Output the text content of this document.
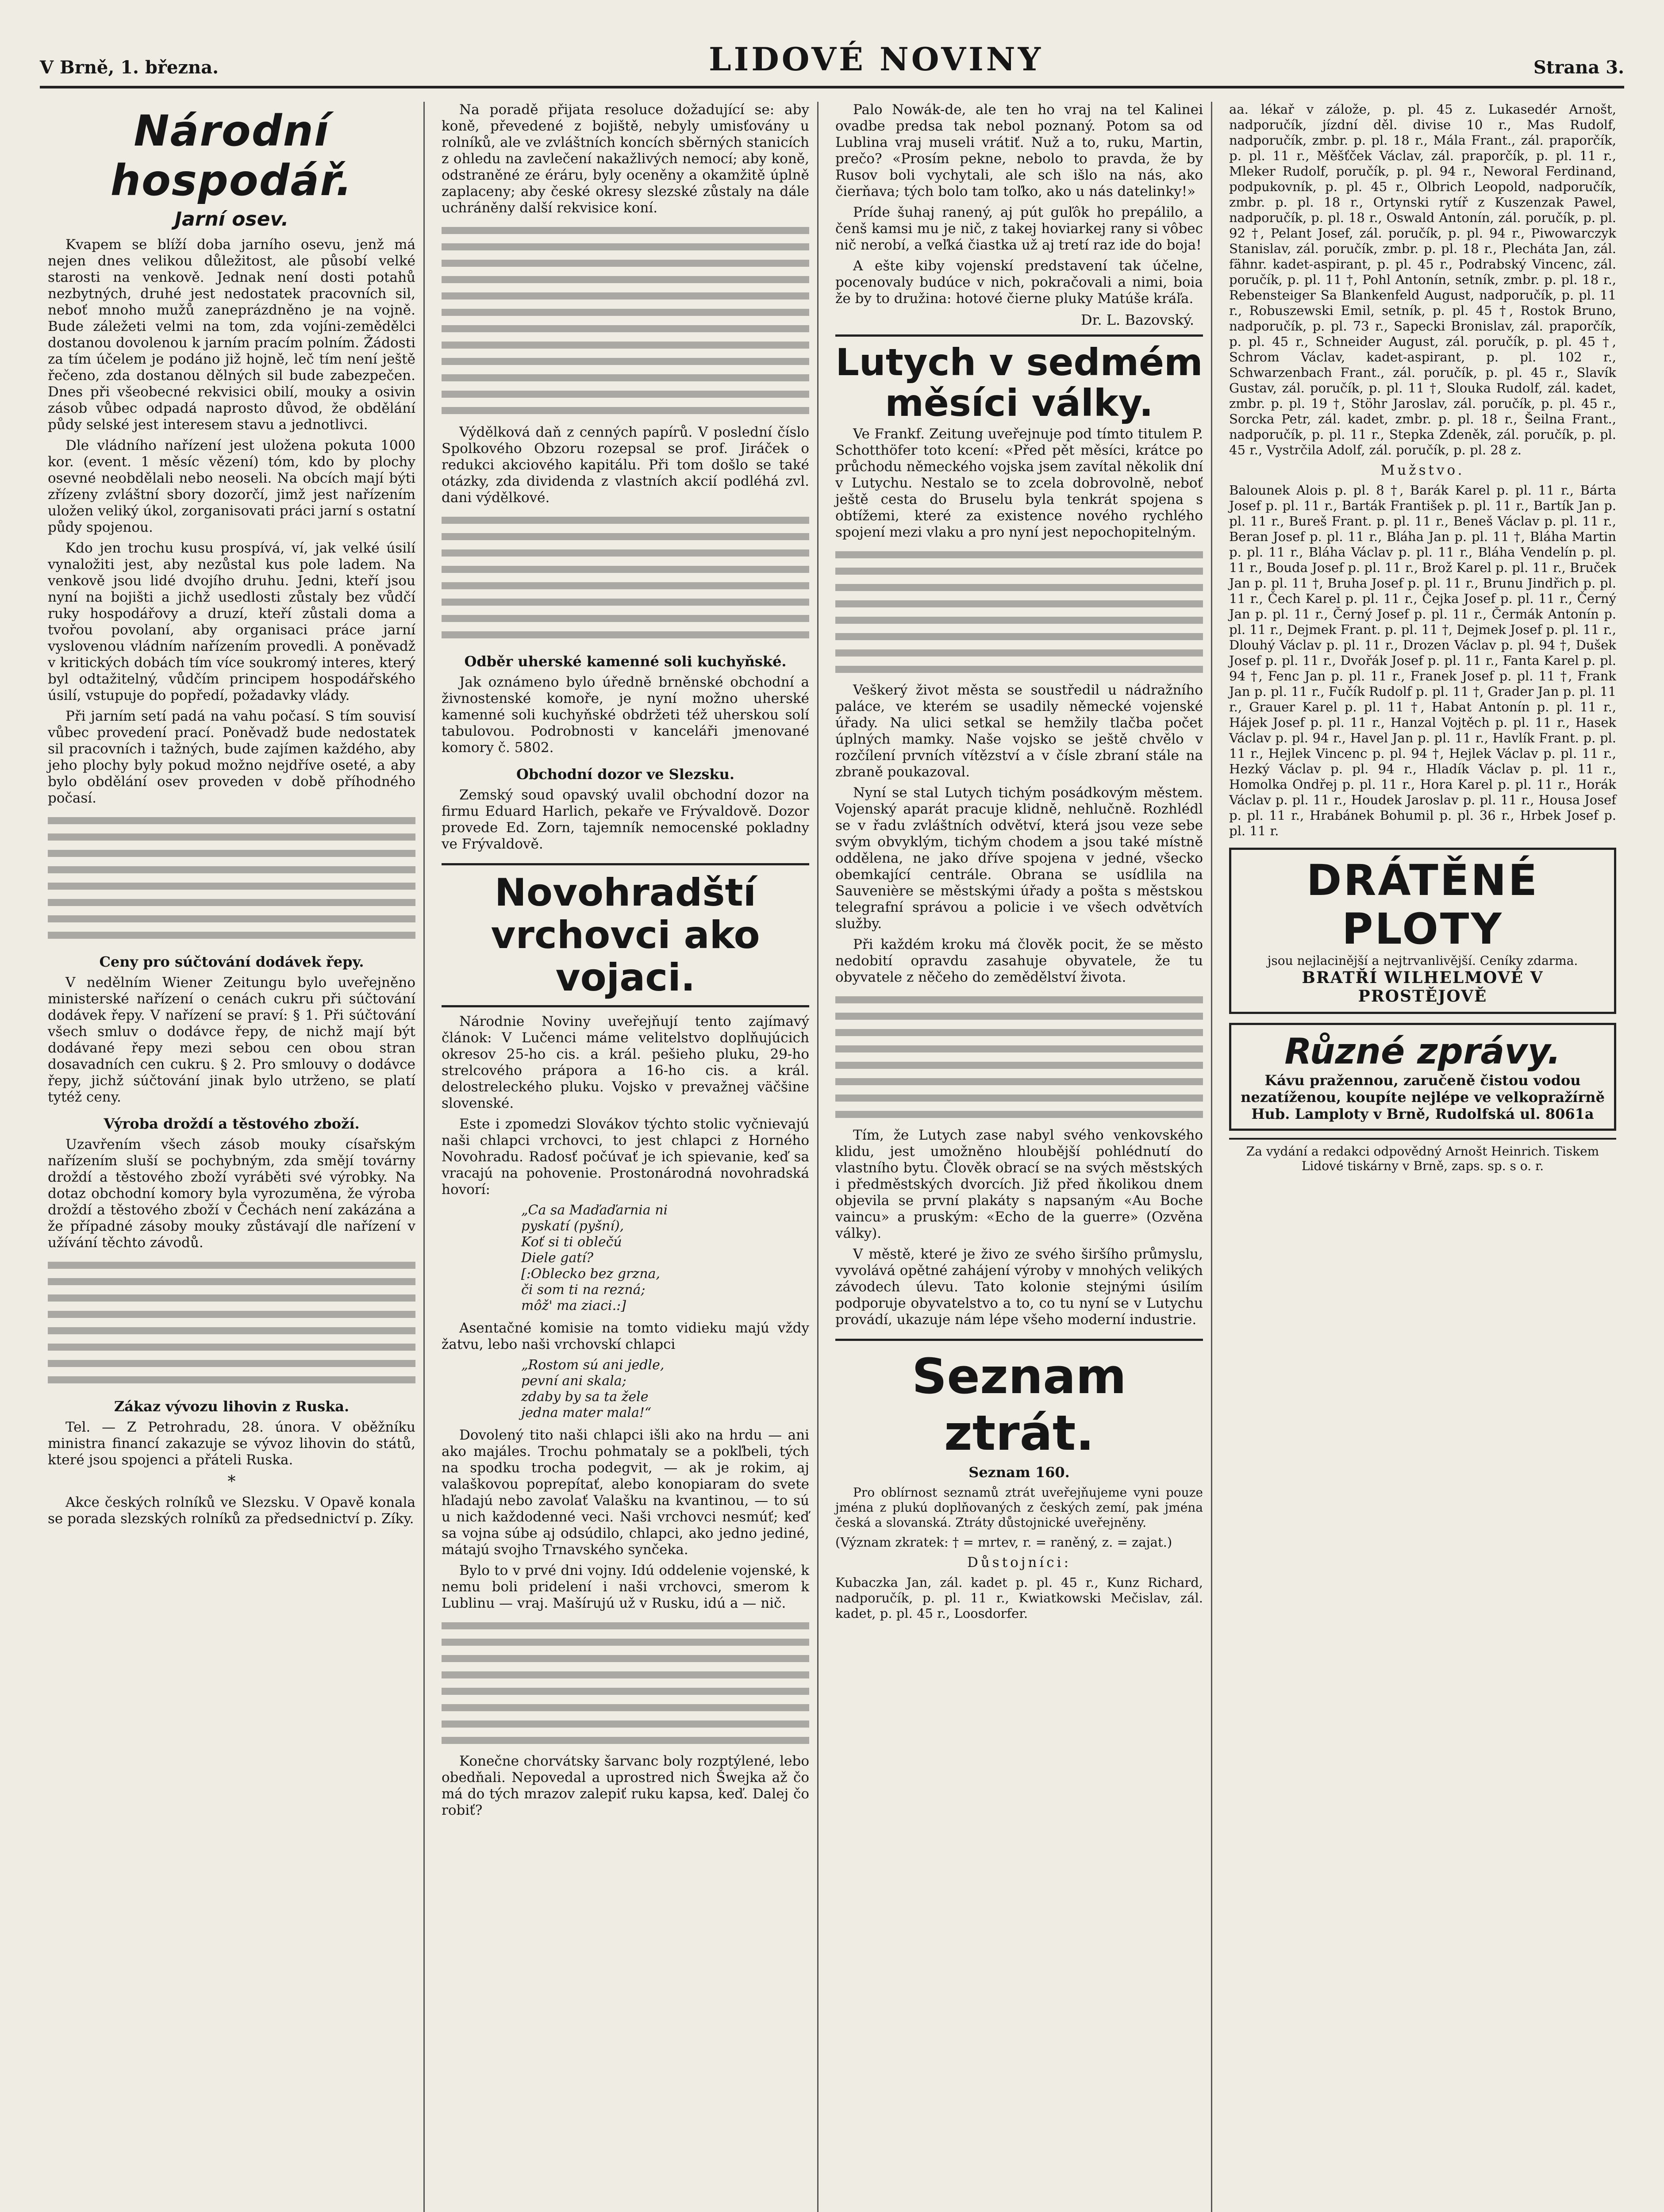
V Brně, 1. března.	LIDOVÉ NOVINY	Strana 3.
Národní hospodář.
Jarní osev.

Kvapem se blíží doba jarního osevu, jenž má nejen dnes velikou důležitost, ale působí velké starosti na venkově. Jednak není dosti potahů nezbytných, druhé jest nedostatek pracovních sil, neboť mnoho mužů zaneprázdněno je na vojně. Bude záležeti velmi na tom, zda vojíni-zemědělci dostanou dovolenou k jarním pracím polním. Žádosti za tím účelem je podáno již hojně, leč tím není ještě řečeno, zda dostanou dělných sil bude zabezpečen. Dnes při všeobecné rekvisici obilí, mouky a osivin zásob vůbec odpadá naprosto důvod, že obdělání půdy selské jest interesem stavu a jednotlivci.

Dle vládního nařízení jest uložena pokuta 1000 kor. (event. 1 měsíc vězení) tóm, kdo by plochy osevné neobdělali nebo neoseli. Na obcích mají býti zřízeny zvláštní sbory dozorčí, jimž jest nařízením uložen veliký úkol, zorganisovati práci jarní s ostatní půdy spojenou.

Kdo jen trochu kusu prospívá, ví, jak velké úsilí vynaložiti jest, aby nezůstal kus pole ladem. Na venkově jsou lidé dvojího druhu. Jedni, kteří jsou nyní na bojišti a jichž usedlosti zůstaly bez vůdčí ruky hospodářovy a druzí, kteří zůstali doma a tvořou povolaní, aby organisaci práce jarní vyslovenou vládním nařízením provedli. A poněvadž v kritických dobách tím více soukromý interes, který byl odtažitelný, vůdčím principem hospodářského úsilí, vstupuje do popředí, požadavky vlády.

Při jarním setí padá na vahu počasí. S tím souvisí vůbec provedení prací. Poněvadž bude nedostatek sil pracovních i tažných, bude zajímen každého, aby jeho plochy byly pokud možno nejdříve oseté, a aby bylo obdělání osev proveden v době příhodného počasí.

Ceny pro súčtování dodávek řepy.

V nedělním Wiener Zeitungu bylo uveřejněno ministerské nařízení o cenách cukru při súčtování dodávek řepy. V nařízení se praví: § 1. Při súčtování všech smluv o dodávce řepy, de nichž mají být dodávané řepy mezi sebou cen obou stran dosavadních cen cukru. § 2. Pro smlouvy o dodávce řepy, jichž súčtování jinak bylo utrženo, se platí tytéž ceny.

Výroba droždí a těstového zboží.

Uzavřením všech zásob mouky císařským nařízením sluší se pochybným, zda smějí továrny droždí a těstového zboží vyráběti své výrobky. Na dotaz obchodní komory byla vyrozuměna, že výroba droždí a těstového zboží v Čechách není zakázána a že případné zásoby mouky zůstávají dle nařízení v užívání těchto závodů.

Zákaz vývozu lihovin z Ruska.

Tel. — Z Petrohradu, 28. února. V oběžníku ministra financí zakazuje se vývoz lihovin do států, které jsou spojenci a přáteli Ruska.

*

Akce českých rolníků ve Slezsku. V Opavě konala se porada slezských rolníků za předsednictví p. Zíky.

Na poradě přijata resoluce dožadující se: aby koně, převedené z bojiště, nebyly umisťovány u rolníků, ale ve zvláštních koncích sběrných stanicích z ohledu na zavlečení nakažlivých nemocí; aby koně, odstraněné ze éráru, byly oceněny a okamžitě úplně zaplaceny; aby české okresy slezské zůstaly na dále uchráněny další rekvisice koní.

Výdělková daň z cenných papírů. V poslední číslo Spolkového Obzoru rozepsal se prof. Jiráček o redukci akciového kapitálu. Při tom došlo se také otázky, zda dividenda z vlastních akcií podléhá zvl. dani výdělkové.

Odběr uherské kamenné soli kuchyňské.

Jak oznámeno bylo úředně brněnské obchodní a živnostenské komoře, je nyní možno uherské kamenné soli kuchyňské obdržeti též uherskou solí tabulovou. Podrobnosti v kanceláři jmenované komory č. 5802.

Obchodní dozor ve Slezsku.

Zemský soud opavský uvalil obchodní dozor na firmu Eduard Harlich, pekaře ve Frývaldově. Dozor provede Ed. Zorn, tajemník nemocenské pokladny ve Frývaldově.

Novohradští vrchovci ako vojaci.

Národnie Noviny uveřejňují tento zajímavý článok: V Lučenci máme velitelstvo doplňujúcich okresov 25-ho cis. a král. pešieho pluku, 29-ho strelcového prápora a 16-ho cis. a král. delostreleckého pluku. Vojsko v prevažnej väčšine slovenské.

Este i zpomedzi Slovákov týchto stolic vyčnievajú naši chlapci vrchovci, to jest chlapci z Horného Novohradu. Radosť počúvať je ich spievanie, keď sa vracajú na pohovenie. Prostonárodná novohradská hovorí:

„Ca sa Maďaďarnia ni
pyskatí (pyšní),
Koť si ti oblečú
Diele gatí?
[:Oblecko bez grzna,
či som ti na rezná;
môž' ma ziaci.:]

Asentačné komisie na tomto vidieku majú vždy žatvu, lebo naši vrchovskí chlapci

„Rostom sú ani jedle,
pevní ani skala;
zdaby by sa ta žele
jedna mater mala!“

Dovolený tito naši chlapci išli ako na hrdu — ani ako majáles. Trochu pohmataly se a pokľbeli, tých na spodku trocha podegvit, — ak je rokim, aj valaškovou poprepítať, alebo konopiaram do svete hľadajú nebo zavolať Valašku na kvantinou, — to sú u nich každodenné veci. Naši vrchovci nesmúť; keď sa vojna súbe aj odsúdilo, chlapci, ako jedno jediné, mátajú svojho Trnavského synčeka.

Bylo to v prvé dni vojny. Idú oddelenie vojenské, k nemu boli pridelení i naši vrchovci, smerom k Lublinu — vraj. Mašírujú už v Rusku, idú a — nič.

Konečne chorvátsky šarvanc boly rozptýlené, lebo obedňali. Nepovedal a uprostred nich Šwejka až čo má do tých mrazov zalepiť ruku kapsa, keď. Dalej čo robiť?

Palo Nowák-de, ale ten ho vraj na tel Kalinei ovadbe predsa tak nebol poznaný. Potom sa od Lublina vraj museli vrátiť. Nuž a to, ruku, Martin, prečo? «Prosím pekne, nebolo to pravda, že by Rusov boli vychytali, ale sch išlo na nás, ako čierňava; tých bolo tam toľko, ako u nás datelinky!»

Príde šuhaj ranený, aj pút guľôk ho prepálilo, a čenš kamsi mu je nič, z takej hoviarkej rany si vôbec nič nerobí, a veľká čiastka už aj tretí raz ide do boja!

A ešte kiby vojenskí predstavení tak účelne, pocenovaly budúce v nich, pokračovali a nimi, boia že by to družina: hotové čierne pluky Matúše kráľa.

Dr. L. Bazovský.
Lutych v sedmém měsíci války.

Ve Frankf. Zeitung uveřejnuje pod tímto titulem P. Schotthöfer toto kcení: «Před pět měsíci, krátce po průchodu německého vojska jsem zavítal několik dní v Lutychu. Nestalo se to zcela dobrovolně, neboť ještě cesta do Bruselu byla tenkrát spojena s obtížemi, které za existence nového rychlého spojení mezi vlaku a pro nyní jest nepochopitelným.

Veškerý život města se soustředil u nádražního paláce, ve kterém se usadily německé vojenské úřady. Na ulici setkal se hemžily tlačba počet úplných mamky. Naše vojsko se ještě chvělo v rozčílení prvních vítězství a v čísle zbraní stále na zbraně poukazoval.

Nyní se stal Lutych tichým posádkovým městem. Vojenský aparát pracuje klidně, nehlučně. Rozhlédl se v řadu zvláštních odvětví, která jsou veze sebe svým obvyklým, tichým chodem a jsou také místně oddělena, ne jako dříve spojena v jedné, všecko obemkající centrále. Obrana se usídlila na Sauvenière se městskými úřady a pošta s městskou telegrafní správou a policie i ve všech odvětvích služby.

Při každém kroku má člověk pocit, že se město nedobití opravdu zasahuje obyvatele, že tu obyvatele z něčeho do zemědělství života.

Tím, že Lutych zase nabyl svého venkovského klidu, jest umožněno hloubější pohlédnutí do vlastního bytu. Člověk obrací se na svých městských i předměstských dvorcích. Již před ňkolikou dnem objevila se první plakáty s napsaným «Au Boche vaincu» a pruským: «Echo de la guerre» (Ozvěna války).

V městě, které je živo ze svého širšího průmyslu, vyvolává opětné zahájení výroby v mnohých velikých závodech úlevu. Tato kolonie stejnými úsilím podporuje obyvatelstvo a to, co tu nyní se v Lutychu provádí, ukazuje nám lépe všeho moderní industrie.

Seznam ztrát.
Seznam 160.

Pro oblírnost seznamů ztrát uveřejňujeme vyni pouze jména z plukú doplňovaných z českých zemí, pak jména česká a slovanská. Ztráty důstojnické uveřejněny.

(Význam zkratek: † = mrtev, r. = raněný, z. = zajat.)

Důstojníci:

Kubaczka Jan, zál. kadet p. pl. 45 r., Kunz Richard, nadporučík, p. pl. 11 r., Kwiatkowski Mečislav, zál. kadet, p. pl. 45 r., Loosdorfer.

aa. lékař v zálože, p. pl. 45 z. Lukasedér Arnošt, nadporučík, jízdní děl. divise 10 r., Mas Rudolf, nadporučík, zmbr. p. pl. 18 r., Mála Frant., zál. praporčík, p. pl. 11 r., Měšťček Václav, zál. praporčík, p. pl. 11 r., Mleker Rudolf, poručík, p. pl. 94 r., Neworal Ferdinand, podpukovník, p. pl. 45 r., Olbrich Leopold, nadporučík, zmbr. p. pl. 18 r., Ortynski rytíř z Kuszenzak Pawel, nadporučík, p. pl. 18 r., Oswald Antonín, zál. poručík, p. pl. 92 †, Pelant Josef, zál. poručík, p. pl. 94 r., Piwowarczyk Stanislav, zál. poručík, zmbr. p. pl. 18 r., Plecháta Jan, zál. fähnr. kadet-aspirant, p. pl. 45 r., Podrabský Vincenc, zál. poručík, p. pl. 11 †, Pohl Antonín, setník, zmbr. p. pl. 18 r., Rebensteiger Sa Blankenfeld August, nadporučík, p. pl. 11 r., Robuszewski Emil, setník, p. pl. 45 †, Rostok Bruno, nadporučík, p. pl. 73 r., Sapecki Bronislav, zál. praporčík, p. pl. 45 r., Schneider August, zál. poručík, p. pl. 45 †, Schrom Václav, kadet-aspirant, p. pl. 102 r., Schwarzenbach Frant., zál. poručík, p. pl. 45 r., Slavík Gustav, zál. poručík, p. pl. 11 †, Slouka Rudolf, zál. kadet, zmbr. p. pl. 19 †, Stöhr Jaroslav, zál. poručík, p. pl. 45 r., Sorcka Petr, zál. kadet, zmbr. p. pl. 18 r., Šeilna Frant., nadporučík, p. pl. 11 r., Stepka Zdeněk, zál. poručík, p. pl. 45 r., Vystrčila Adolf, zál. poručík, p. pl. 28 z.

Mužstvo.

Balounek Alois p. pl. 8 †, Barák Karel p. pl. 11 r., Bárta Josef p. pl. 11 r., Barták František p. pl. 11 r., Bartík Jan p. pl. 11 r., Bureš Frant. p. pl. 11 r., Beneš Václav p. pl. 11 r., Beran Josef p. pl. 11 r., Bláha Jan p. pl. 11 †, Bláha Martin p. pl. 11 r., Bláha Václav p. pl. 11 r., Bláha Vendelín p. pl. 11 r., Bouda Josef p. pl. 11 r., Brož Karel p. pl. 11 r., Bruček Jan p. pl. 11 †, Bruha Josef p. pl. 11 r., Brunu Jindřich p. pl. 11 r., Čech Karel p. pl. 11 r., Čejka Josef p. pl. 11 r., Černý Jan p. pl. 11 r., Černý Josef p. pl. 11 r., Čermák Antonín p. pl. 11 r., Dejmek Frant. p. pl. 11 †, Dejmek Josef p. pl. 11 r., Dlouhý Václav p. pl. 11 r., Drozen Václav p. pl. 94 †, Dušek Josef p. pl. 11 r., Dvořák Josef p. pl. 11 r., Fanta Karel p. pl. 94 †, Fenc Jan p. pl. 11 r., Franek Josef p. pl. 11 †, Frank Jan p. pl. 11 r., Fučík Rudolf p. pl. 11 †, Grader Jan p. pl. 11 r., Grauer Karel p. pl. 11 †, Habat Antonín p. pl. 11 r., Hájek Josef p. pl. 11 r., Hanzal Vojtěch p. pl. 11 r., Hasek Václav p. pl. 94 r., Havel Jan p. pl. 11 r., Havlík Frant. p. pl. 11 r., Hejlek Vincenc p. pl. 94 †, Hejlek Václav p. pl. 11 r., Hezký Václav p. pl. 94 r., Hladík Václav p. pl. 11 r., Homolka Ondřej p. pl. 11 r., Hora Karel p. pl. 11 r., Horák Václav p. pl. 11 r., Houdek Jaroslav p. pl. 11 r., Housa Josef p. pl. 11 r., Hrabánek Bohumil p. pl. 36 r., Hrbek Josef p. pl. 11 r.

DRÁTĚNÉ PLOTY
jsou nejlacinější a nejtrvanlivější. Ceníky zdarma.
BRATŘÍ WILHELMOVÉ V PROSTĚJOVĚ
Různé zprávy.
Kávu pražennou, zaručeně čistou vodou nezatíženou, koupíte nejlépe ve velkopražírně Hub. Lamploty v Brně, Rudolfská ul. 8061a

Za vydání a redakci odpovědný Arnošt Heinrich. Tiskem Lidové tiskárny v Brně, zaps. sp. s o. r.
